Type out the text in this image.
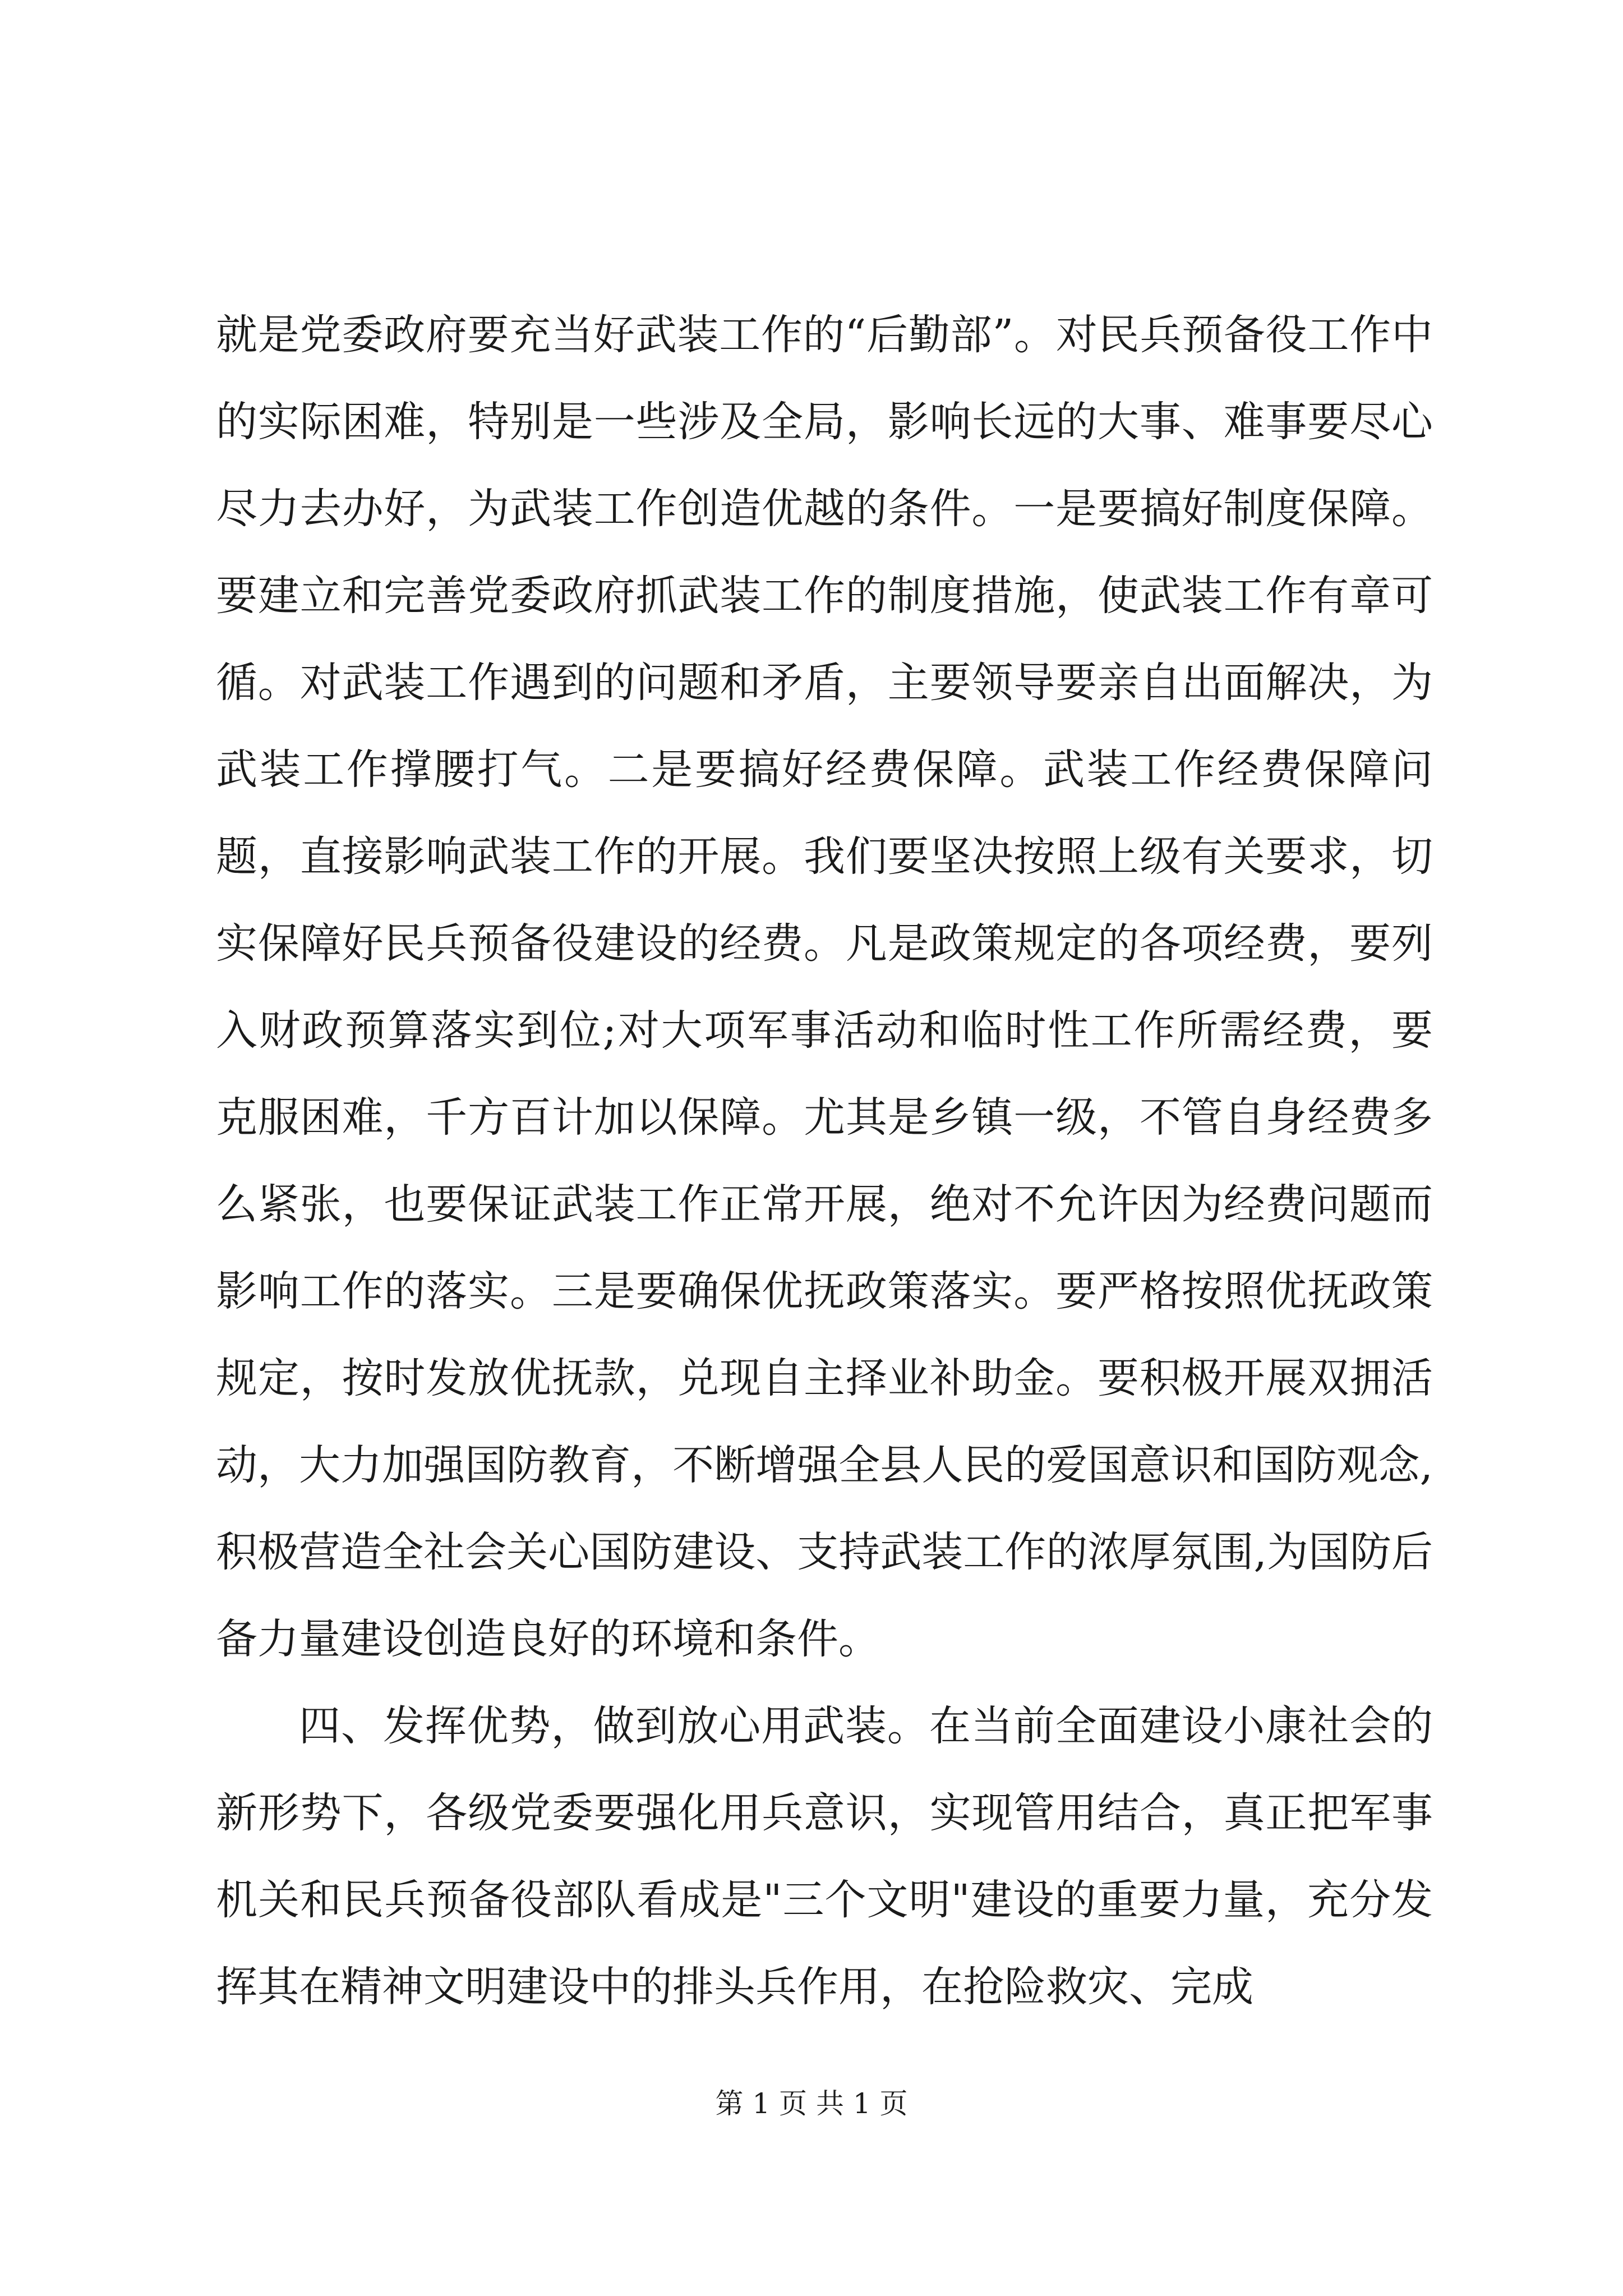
就是党委政府要充当好武装工作的“后勤部”。对民兵预备役工作中的实际困难，特别是一些涉及全局，影响长远的大事、难事要尽心尽力去办好，为武装工作创造优越的条件。一是要搞好制度保障。要建立和完善党委政府抓武装工作的制度措施，使武装工作有章可循。对武装工作遇到的问题和矛盾，主要领导要亲自出面解决，为武装工作撑腰打气。二是要搞好经费保障。武装工作经费保障问题，直接影响武装工作的开展。我们要坚决按照上级有关要求，切实保障好民兵预备役建设的经费。凡是政策规定的各项经费，要列入财政预算落实到位;对大项军事活动和临时性工作所需经费，要克服困难，千方百计加以保障。尤其是乡镇一级，不管自身经费多么紧张，也要保证武装工作正常开展，绝对不允许因为经费问题而影响工作的落实。三是要确保优抚政策落实。要严格按照优抚政策规定，按时发放优抚款，兑现自主择业补助金。要积极开展双拥活动，大力加强国防教育，不断增强全县人民的爱国意识和国防观念,积极营造全社会关心国防建设、支持武装工作的浓厚氛围,为国防后备力量建设创造良好的环境和条件。

四、发挥优势，做到放心用武装。在当前全面建设小康社会的新形势下，各级党委要强化用兵意识，实现管用结合，真正把军事机关和民兵预备役部队看成是"三个文明"建设的重要力量，充分发挥其在精神文明建设中的排头兵作用，在抢险救灾、完成

第 1 页 共 1 页
